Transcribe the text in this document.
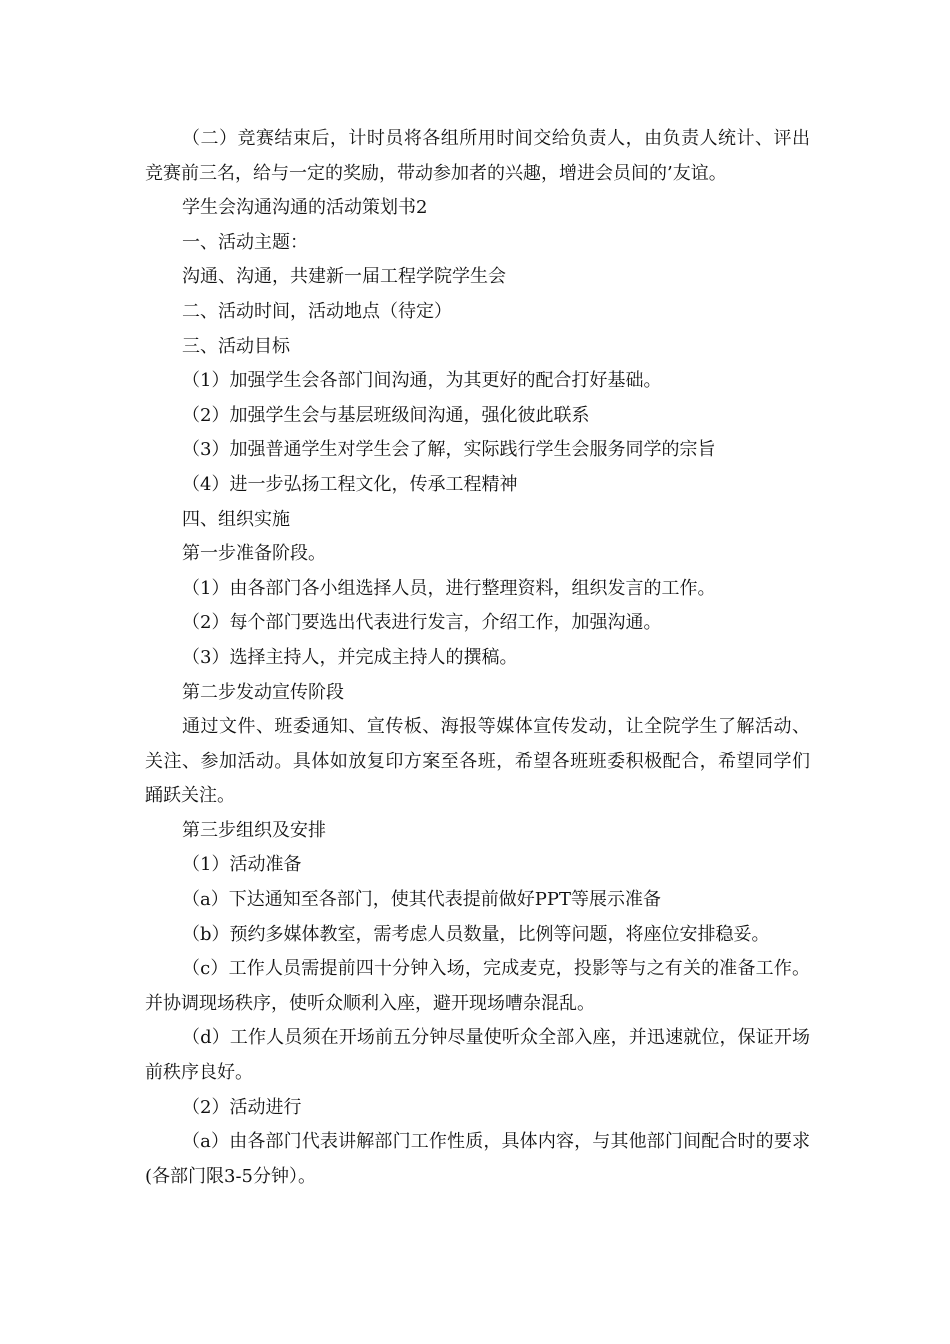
（二）竞赛结束后，计时员将各组所用时间交给负责人，由负责人统计、评出竞赛前三名，给与一定的奖励，带动参加者的兴趣，增进会员间的’友谊。

学生会沟通沟通的活动策划书2

一、活动主题：

沟通、沟通，共建新一届工程学院学生会

二、活动时间，活动地点（待定）

三、活动目标

（1）加强学生会各部门间沟通，为其更好的配合打好基础。

（2）加强学生会与基层班级间沟通，强化彼此联系

（3）加强普通学生对学生会了解，实际践行学生会服务同学的宗旨

（4）进一步弘扬工程文化，传承工程精神

四、组织实施

第一步准备阶段。

（1）由各部门各小组选择人员，进行整理资料，组织发言的工作。

（2）每个部门要选出代表进行发言，介绍工作，加强沟通。

（3）选择主持人，并完成主持人的撰稿。

第二步发动宣传阶段

通过文件、班委通知、宣传板、海报等媒体宣传发动，让全院学生了解活动、关注、参加活动。具体如放复印方案至各班，希望各班班委积极配合，希望同学们踊跃关注。

第三步组织及安排

（1）活动准备

（a）下达通知至各部门，使其代表提前做好PPT等展示准备

（b）预约多媒体教室，需考虑人员数量，比例等问题，将座位安排稳妥。

（c）工作人员需提前四十分钟入场，完成麦克，投影等与之有关的准备工作。并协调现场秩序，使听众顺利入座，避开现场嘈杂混乱。

（d）工作人员须在开场前五分钟尽量使听众全部入座，并迅速就位，保证开场前秩序良好。

（2）活动进行

（a）由各部门代表讲解部门工作性质，具体内容，与其他部门间配合时的要求(各部门限3-5分钟）。
